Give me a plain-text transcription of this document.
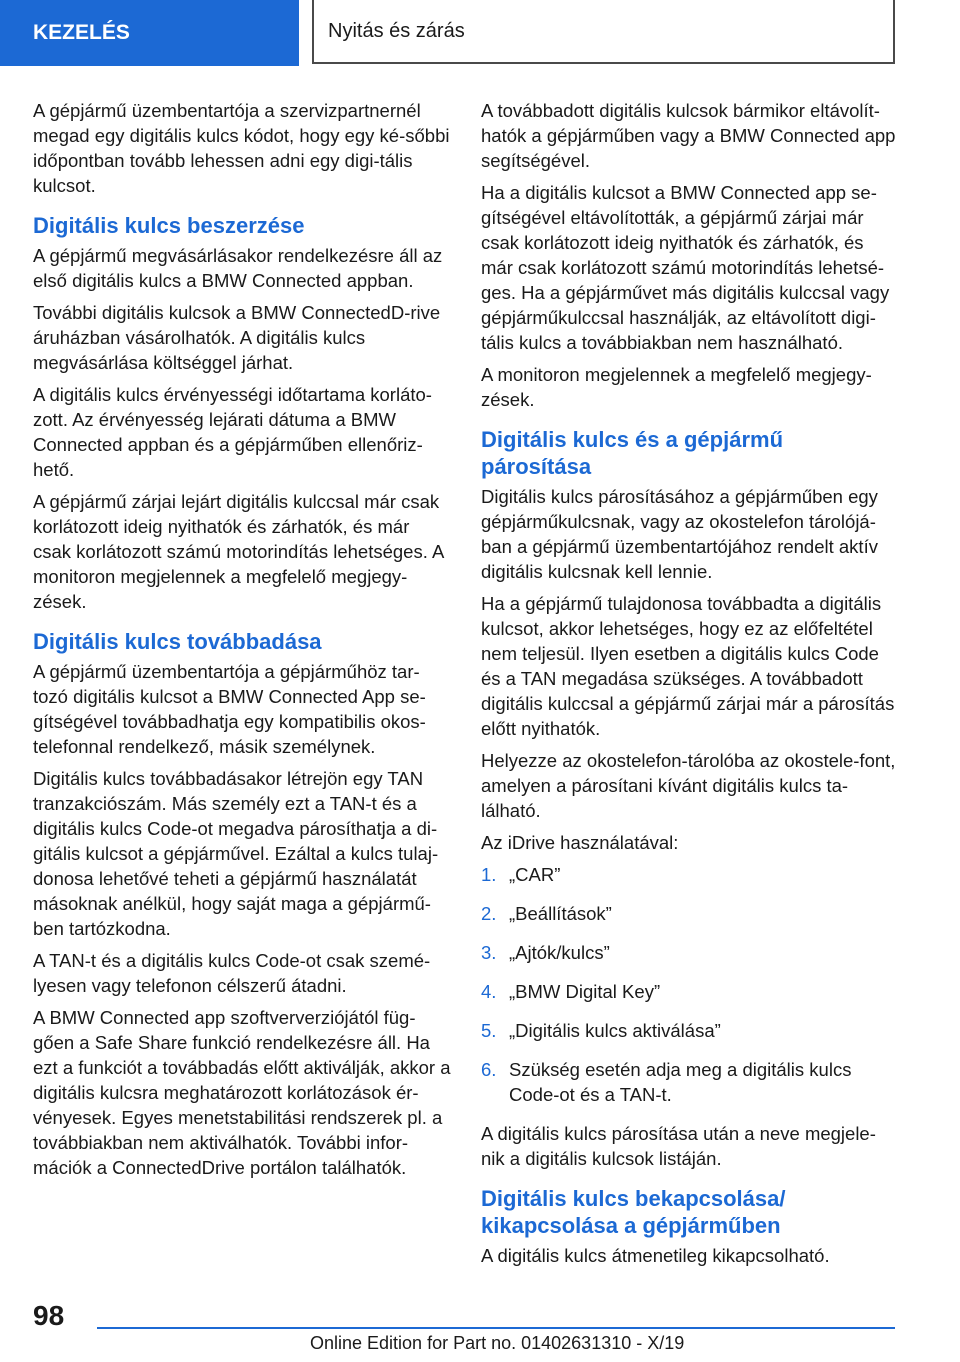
KEZELÉS	Nyitás és zárás

A gépjármű üzembentartója a szervizpartnernél megad egy digitális kulcs kódot, hogy egy ké-sőbbi időpontban tovább lehessen adni egy digi-tális kulcsot.

Digitális kulcs beszerzése

A gépjármű megvásárlásakor rendelkezésre áll az első digitális kulcs a BMW Connected appban.

További digitális kulcsok a BMW ConnectedD-rive áruházban vásárolhatók. A digitális kulcs megvásárlása költséggel járhat.

A digitális kulcs érvényességi időtartama korláto-zott. Az érvényesség lejárati dátuma a BMW Connected appban és a gépjárműben ellenőriz-hető.

A gépjármű zárjai lejárt digitális kulccsal már csak korlátozott ideig nyithatók és zárhatók, és már csak korlátozott számú motorindítás lehetséges. A monitoron megjelennek a megfelelő megjegy-zések.

Digitális kulcs továbbadása

A gépjármű üzembentartója a gépjárműhöz tar-tozó digitális kulcsot a BMW Connected App se-gítségével továbbadhatja egy kompatibilis okos-telefonnal rendelkező, másik személynek.

Digitális kulcs továbbadásakor létrejön egy TAN tranzakciószám. Más személy ezt a TAN-t és a digitális kulcs Code-ot megadva párosíthatja a di-gitális kulcsot a gépjárművel. Ezáltal a kulcs tulaj-donosa lehetővé teheti a gépjármű használatát másoknak anélkül, hogy saját maga a gépjármű-ben tartózkodna.

A TAN-t és a digitális kulcs Code-ot csak szemé-lyesen vagy telefonon célszerű átadni.

A BMW Connected app szoftververziójától füg-gően a Safe Share funkció rendelkezésre áll. Ha ezt a funkciót a továbbadás előtt aktiválják, akkor a digitális kulcsra meghatározott korlátozások ér-vényesek. Egyes menetstabilitási rendszerek pl. a továbbiakban nem aktiválhatók. További infor-mációk a ConnectedDrive portálon találhatók.

A továbbadott digitális kulcsok bármikor eltávolít-hatók a gépjárműben vagy a BMW Connected app segítségével.

Ha a digitális kulcsot a BMW Connected app se-gítségével eltávolították, a gépjármű zárjai már csak korlátozott ideig nyithatók és zárhatók, és már csak korlátozott számú motorindítás lehetsé-ges. Ha a gépjárművet más digitális kulccsal vagy gépjárműkulccsal használják, az eltávolított digi-tális kulcs a továbbiakban nem használható.

A monitoron megjelennek a megfelelő megjegy-zések.

Digitális kulcs és a gépjármű párosítása

Digitális kulcs párosításához a gépjárműben egy gépjárműkulcsnak, vagy az okostelefon tárolójá-ban a gépjármű üzembentartójához rendelt aktív digitális kulcsnak kell lennie.

Ha a gépjármű tulajdonosa továbbadta a digitális kulcsot, akkor lehetséges, hogy ez az előfeltétel nem teljesül. Ilyen esetben a digitális kulcs Code és a TAN megadása szükséges. A továbbadott digitális kulccsal a gépjármű zárjai már a párosítás előtt nyithatók.

Helyezze az okostelefon-tárolóba az okostele-font, amelyen a párosítani kívánt digitális kulcs ta-lálható.

Az iDrive használatával:

1. „CAR”
2. „Beállítások”
3. „Ajtók/kulcs”
4. „BMW Digital Key”
5. „Digitális kulcs aktiválása”
6. Szükség esetén adja meg a digitális kulcs Code-ot és a TAN-t.

A digitális kulcs párosítása után a neve megjele-nik a digitális kulcsok listáján.

Digitális kulcs bekapcsolása/ kikapcsolása a gépjárműben

A digitális kulcs átmenetileg kikapcsolható.

98
Online Edition for Part no. 01402631310 - X/19
